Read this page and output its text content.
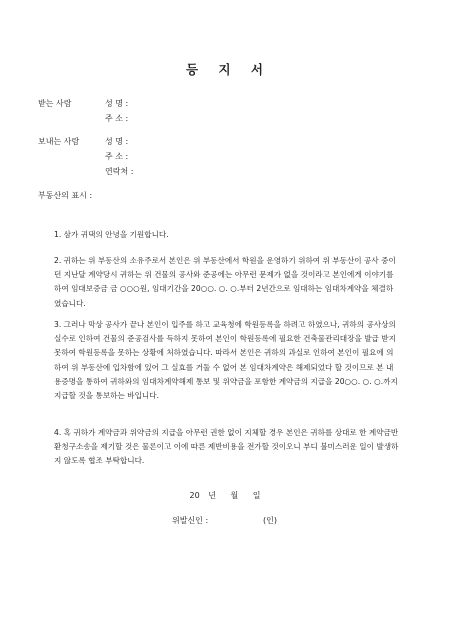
등 지 서
받는 사람	성 명 :
주 소 :
보내는 사람	성 명 :
주 소 :
연락처 :
부동산의 표시 :
1. 삼가 귀댁의 안녕을 기원합니다.
2. 귀하는 위 부동산의 소유주로서 본인은 위 부동산에서 학원을 운영하기 위하여 위 부동산이 공사 중이던 지난달 계약당시 귀하는 위 건물의 공사와 준공에는 아무런 문제가 없을 것이라고 본인에게 이야기를 하여 임대보증금 금 ○○○원, 임대기간을 20○○. ○. ○.부터 2년간으로 임대하는 임대차계약을 체결하였습니다.
3. 그러나 막상 공사가 끝나 본인이 입주를 하고 교육청에 학원등록을 하려고 하였으나, 귀하의 공사상의 실수로 인하여 건물의 준공검사를 득하지 못하여 본인이 학원등록에 필요한 건축물관리대장을 발급 받지 못하여 학원등록을 못하는 상황에 처하였습니다. 따라서 본인은 귀하의 과실로 인하여 본인이 필요에 의하여 위 부동산에 입차함에 있어 그 실효를 거둘 수 없어 본 임대차계약은 해제되었다 할 것이므로 본 내용증명을 통하여 귀하와의 임대차계약해제 통보 및 위약금을 포함한 계약금의 지급을 20○○. ○. ○.까지 지급할 것을 통보하는 바입니다.
4. 혹 귀하가 계약금과 위약금의 지급을 아무런 권한 없이 지체할 경우 본인은 귀하를 상대로 한 계약금반환청구소송을 제기할 것은 물론이고 이에 따른 제반비용을 전가할 것이오니 부디 불미스러운 일이 발생하지 않도록 협조 부탁합니다.
20 년 월 일
위발신인 :	(인)
